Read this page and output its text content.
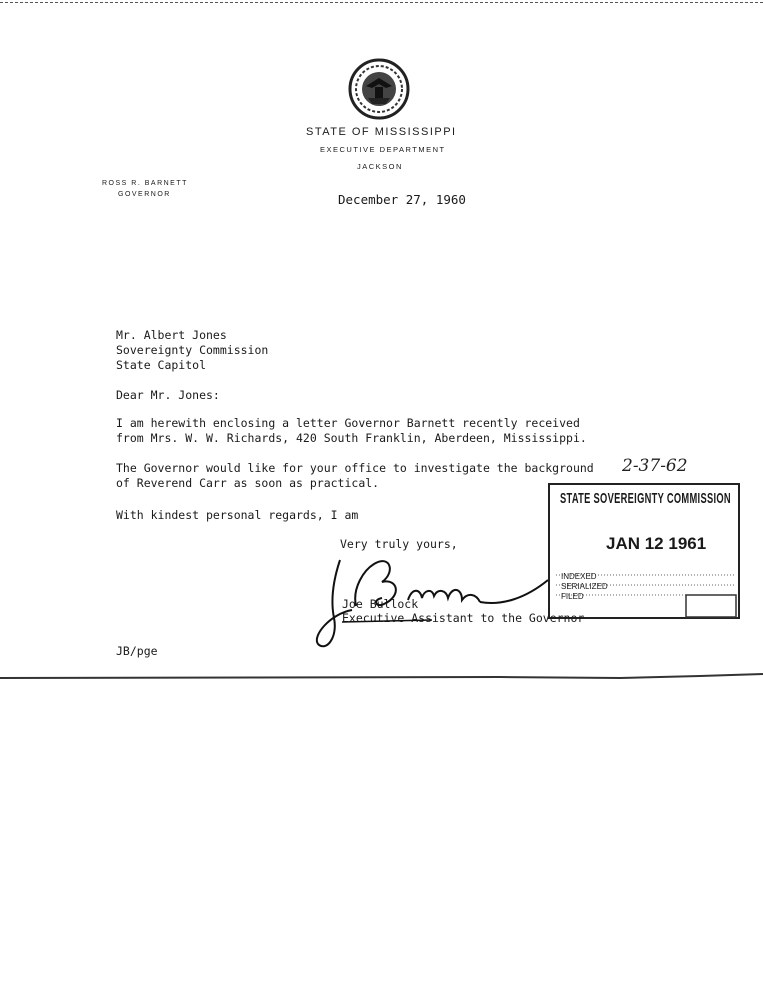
STATE OF MISSISSIPPI
EXECUTIVE DEPARTMENT
JACKSON
ROSS R. BARNETT
GOVERNOR	December 27, 1960
Mr. Albert Jones
Sovereignty Commission
State Capitol
Dear Mr. Jones:
I am herewith enclosing a letter Governor Barnett recently received
from Mrs. W. W. Richards, 420 South Franklin, Aberdeen, Mississippi.
The Governor would like for your office to investigate the background
of Reverend Carr as soon as practical.
With kindest personal regards, I am
2-37-62
Very truly yours,
STATE SOVEREIGNTY COMMISSION
JAN 12 1961
INDEXED
SERIALIZED
FILED
Joe Bullock
Executive Assistant to the Governor
JB/pge
